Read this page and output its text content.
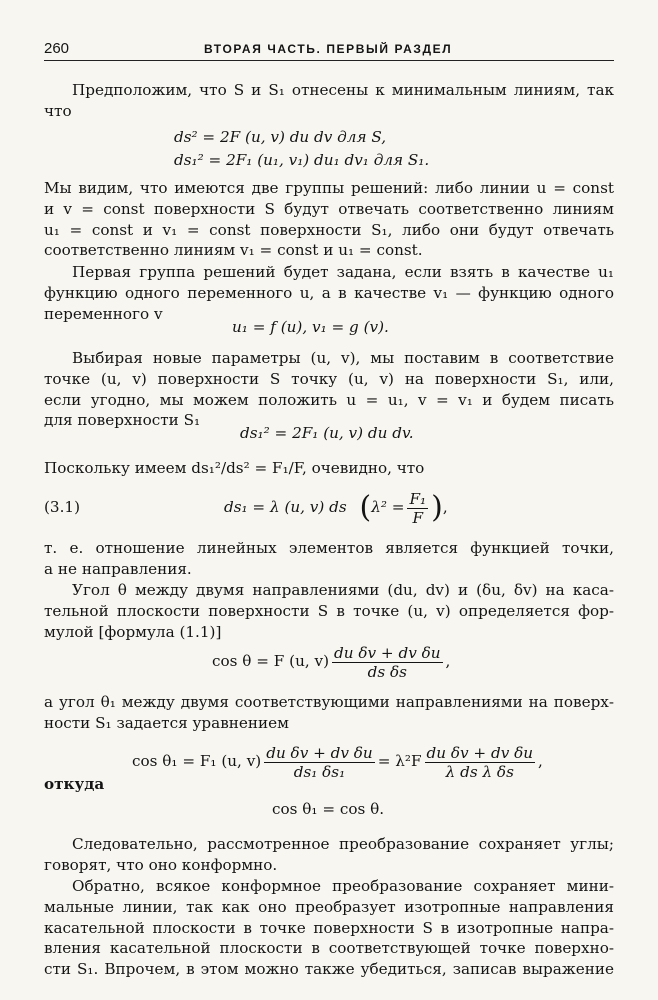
260	ВТОРАЯ ЧАСТЬ. ПЕРВЫЙ РАЗДЕЛ
Предположим, что S и S₁ отнесены к минимальным линиям, так
что
ds² = 2F (u, v) du dv для S,
ds₁² = 2F₁ (u₁, v₁) du₁ dv₁ для S₁.
Мы видим, что имеются две группы решений: либо линии u = const
и v = const поверхности S будут отвечать соответственно линиям
u₁ = const и v₁ = const поверхности S₁, либо они будут отвечать
соответственно линиям v₁ = const и u₁ = const.
Первая группа решений будет задана, если взять в качестве u₁
функцию одного переменного u, а в качестве v₁ — функцию одного
переменного v
u₁ = f (u), v₁ = g (v).
Выбирая новые параметры (u, v), мы поставим в соответствие
точке (u, v) поверхности S точку (u, v) на поверхности S₁, или,
если угодно, мы можем положить u = u₁, v = v₁ и будем писать
для поверхности S₁
ds₁² = 2F₁ (u, v) du dv.
Поскольку имеем ds₁²/ds² = F₁/F, очевидно, что
(3.1)	ds₁ = λ (u, v) ds ($\lambda^2 = \frac{\text{F₁}}{F}$ ),
т. е. отношение линейных элементов является функцией точки,
а не направления.
Угол θ между двумя направлениями (du, dv) и (δu, δv) на каса-
тельной плоскости поверхности S в точке (u, v) определяется фор-
мулой [формула (1.1)]
cos θ = F (u, $v) \frac{\text{du δv + dv δu}}{\text{ds δs}}$ ,
а угол θ₁ между двумя соответствующими направлениями на поверх-
ности S₁ задается уравнением
cos θ₁ = F₁ (u, $v) \frac{\text{du δv + dv δu}}{\text{ds₁ δs₁}} = \lambda^2F \frac{\text{du δv + dv δu}}{\text{λ ds λ δs}}$ ,
откуда
cos θ₁ = cos θ.
Следовательно, рассмотренное преобразование сохраняет углы;
говорят, что оно конформно.
Обратно, всякое конформное преобразование сохраняет мини-
мальные линии, так как оно преобразует изотропные направления
касательной плоскости в точке поверхности S в изотропные напра-
вления касательной плоскости в соответствующей точке поверхно-
сти S₁. Впрочем, в этом можно также убедиться, записав выражение
